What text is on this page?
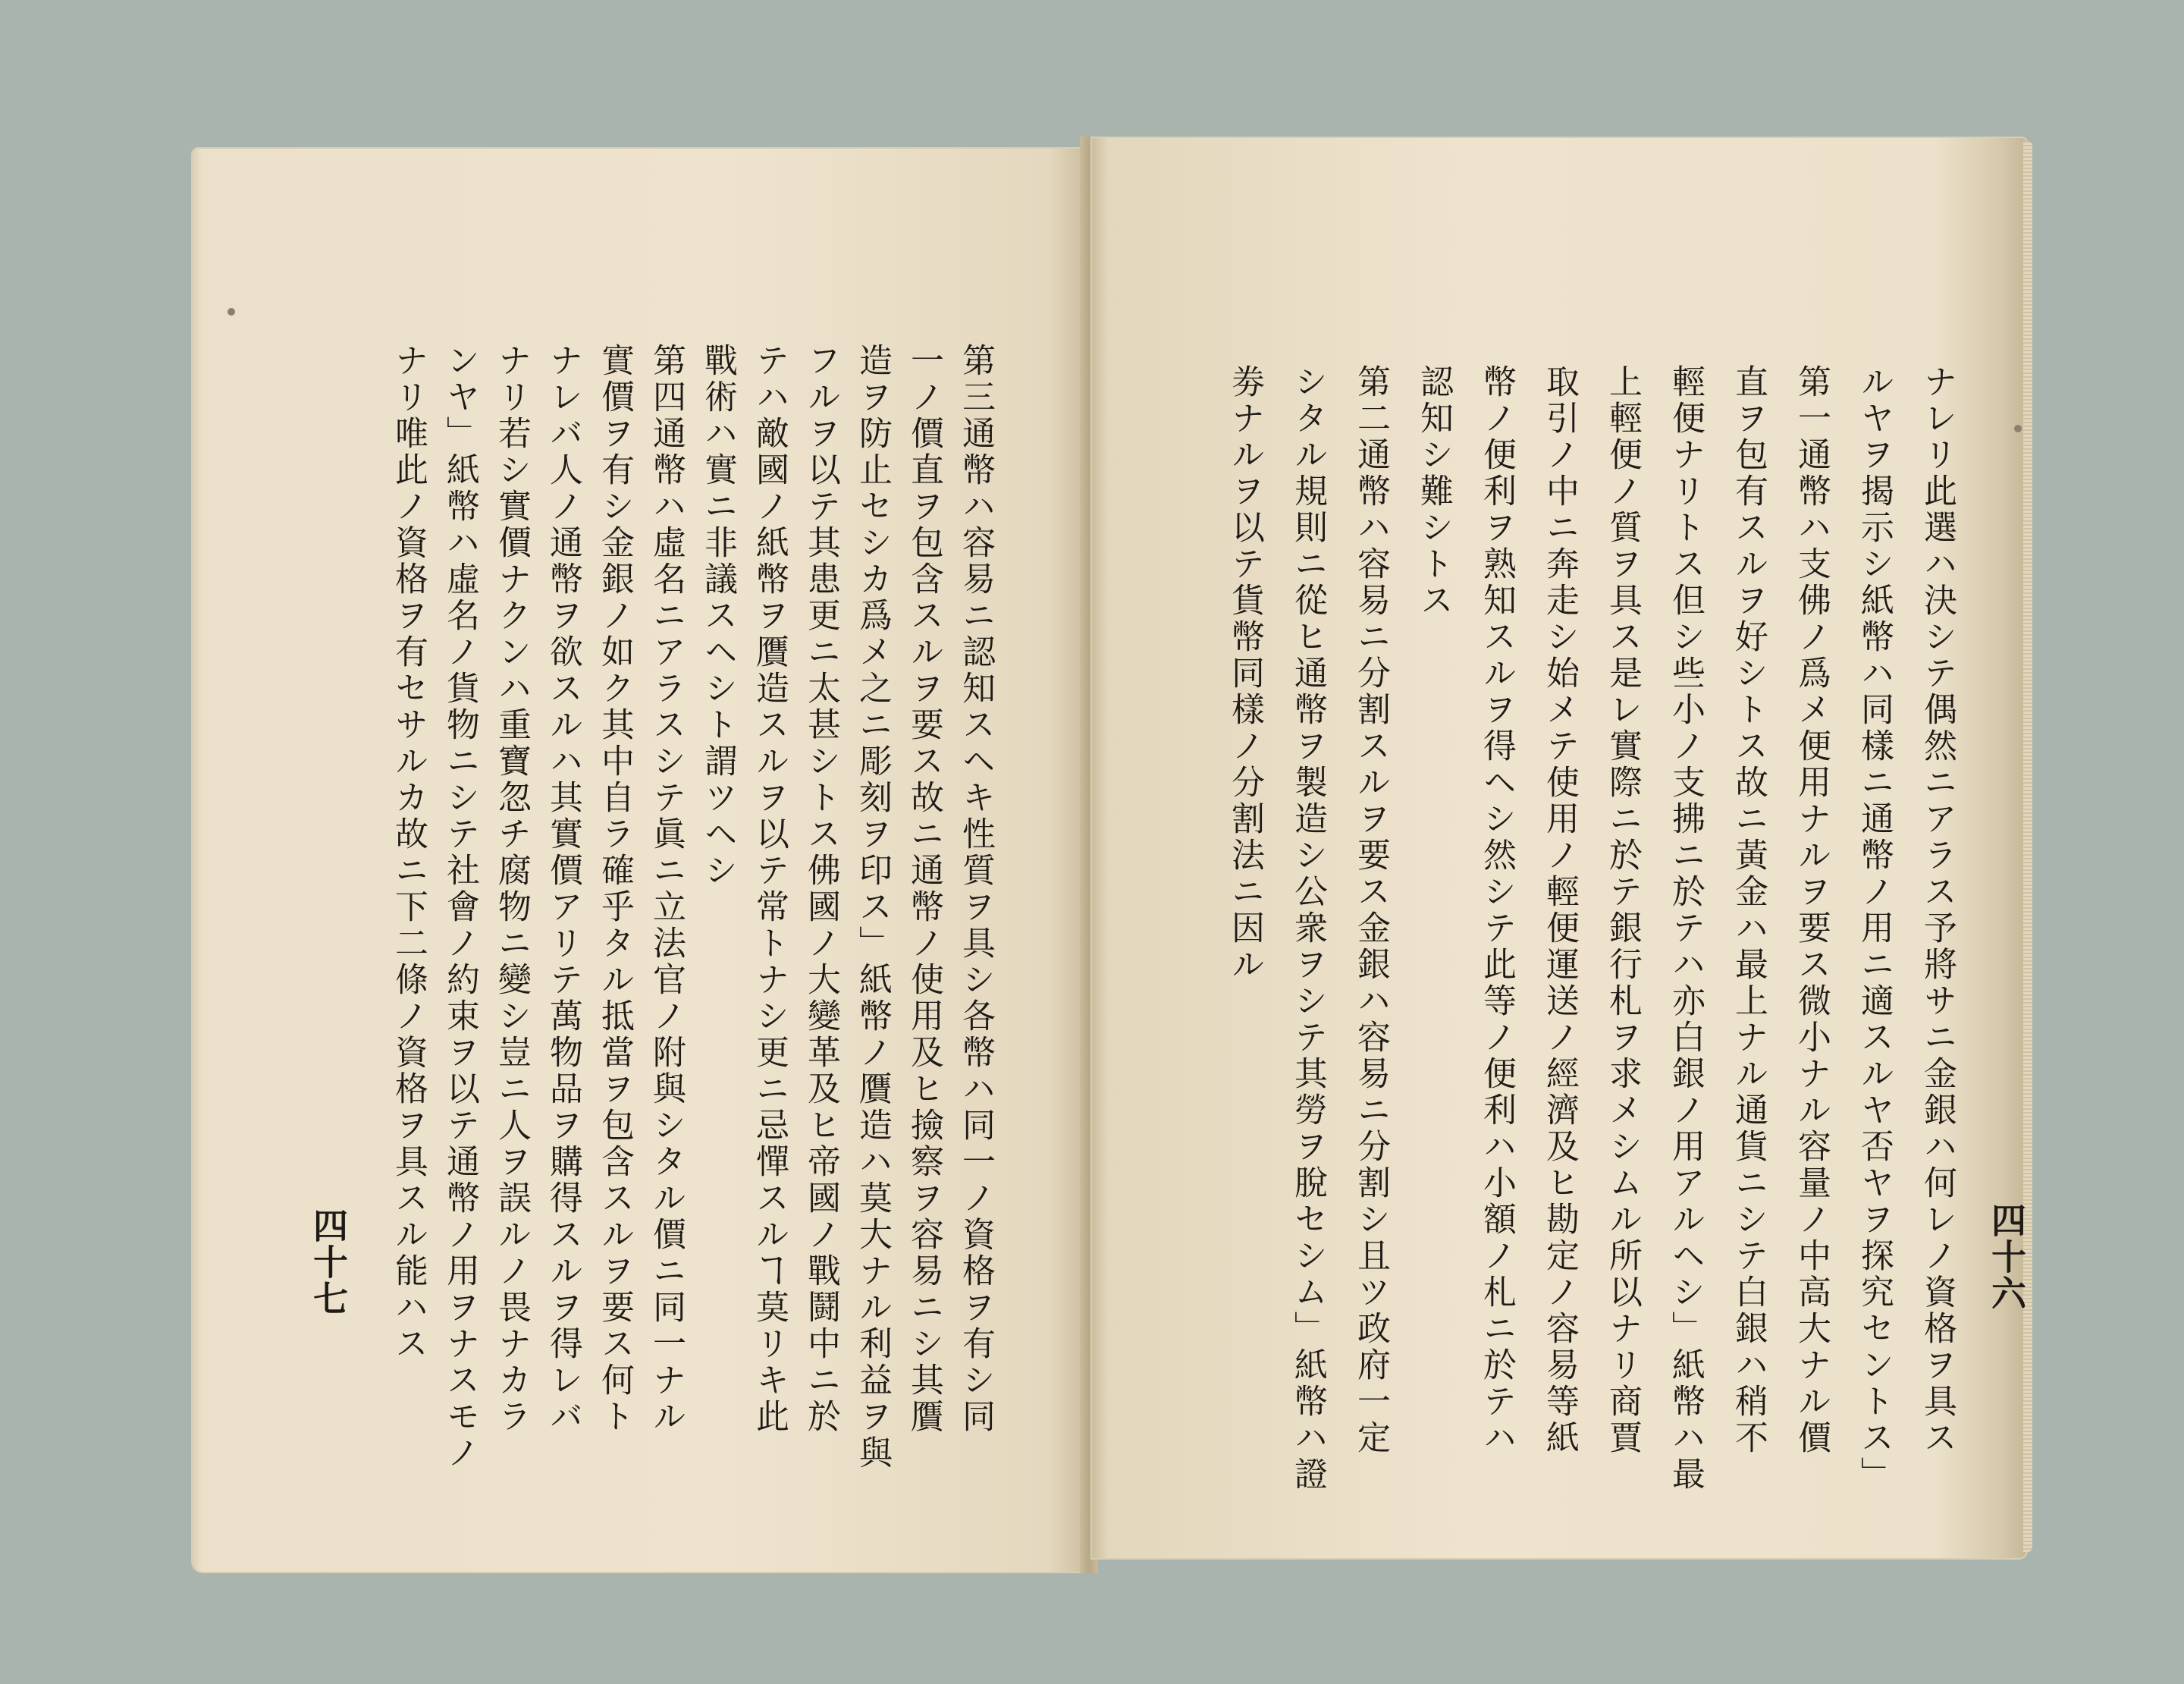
第三通幣ハ容易ニ認知スヘキ性質ヲ具シ各幣ハ同一ノ資格ヲ有シ同
一ノ價直ヲ包含スルヲ要ス故ニ通幣ノ使用及ヒ撿察ヲ容易ニシ其贋
造ヲ防止セシカ爲メ之ニ彫刻ヲ印ス」紙幣ノ贋造ハ莫大ナル利益ヲ與
フルヲ以テ其患更ニ太甚シトス佛國ノ大變革及ヒ帝國ノ戰鬪中ニ於
テハ敵國ノ紙幣ヲ贋造スルヲ以テ常トナシ更ニ忌憚スルヿ莫リキ此
戰術ハ實ニ非議スヘシト謂ツヘシ
第四通幣ハ虛名ニアラスシテ眞ニ立法官ノ附與シタル價ニ同一ナル
實價ヲ有シ金銀ノ如ク其中自ラ確乎タル抵當ヲ包含スルヲ要ス何ト
ナレバ人ノ通幣ヲ欲スルハ其實價アリテ萬物品ヲ購得スルヲ得レバ
ナリ若シ實價ナクンハ重寶忽チ腐物ニ變シ豈ニ人ヲ誤ルノ畏ナカラ
ンヤ」紙幣ハ虛名ノ貨物ニシテ社會ノ約束ヲ以テ通幣ノ用ヲナスモノ
ナリ唯此ノ資格ヲ有セサルカ故ニ下二條ノ資格ヲ具スル能ハス
四十七	ナレリ此選ハ決シテ偶然ニアラス予將サニ金銀ハ何レノ資格ヲ具ス
ルヤヲ揭示シ紙幣ハ同樣ニ通幣ノ用ニ適スルヤ否ヤヲ探究セントス」
第一通幣ハ支佛ノ爲メ便用ナルヲ要ス微小ナル容量ノ中高大ナル價
直ヲ包有スルヲ好シトス故ニ黃金ハ最上ナル通貨ニシテ白銀ハ稍不
輕便ナリトス但シ些小ノ支拂ニ於テハ亦白銀ノ用アルヘシ」紙幣ハ最
上輕便ノ質ヲ具ス是レ實際ニ於テ銀行札ヲ求メシムル所以ナリ商賈
取引ノ中ニ奔走シ始メテ使用ノ輕便運送ノ經濟及ヒ勘定ノ容易等紙
幣ノ便利ヲ熟知スルヲ得ヘシ然シテ此等ノ便利ハ小額ノ札ニ於テハ
認知シ難シトス
第二通幣ハ容易ニ分割スルヲ要ス金銀ハ容易ニ分割シ且ツ政府一定
シタル規則ニ從ヒ通幣ヲ製造シ公衆ヲシテ其勞ヲ脫セシム」紙幣ハ證
劵ナルヲ以テ貨幣同樣ノ分割法ニ因ル
四十六
